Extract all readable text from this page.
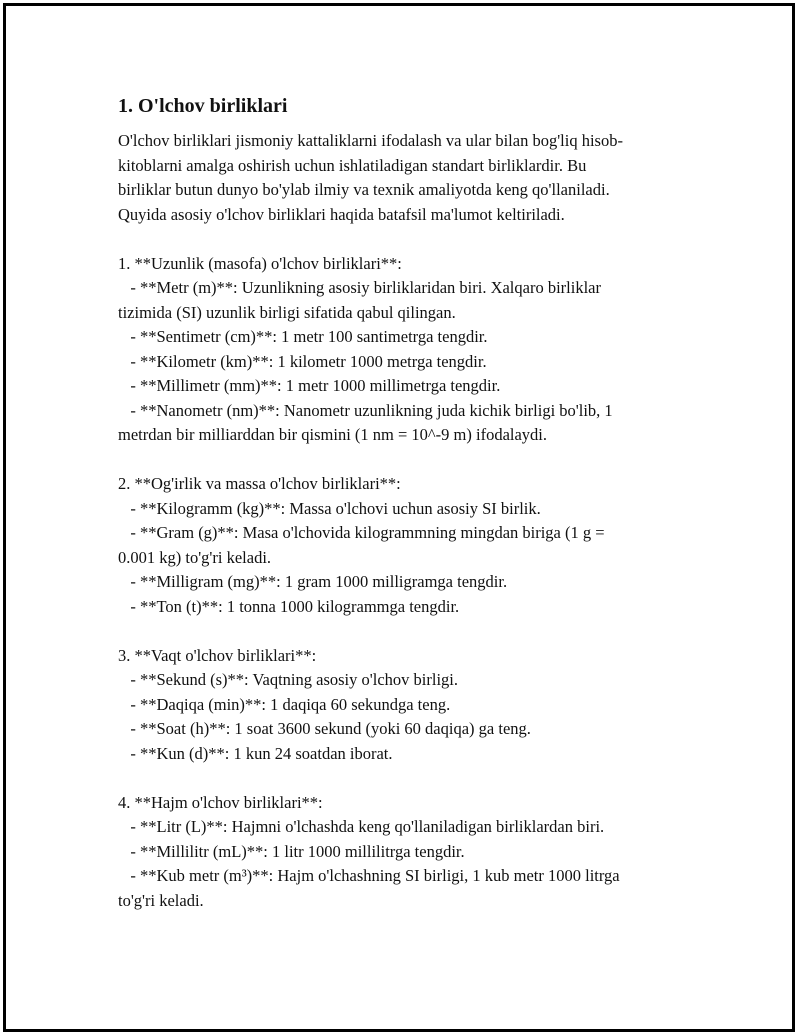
1. O'lchov birliklari

O'lchov birliklari jismoniy kattaliklarni ifodalash va ular bilan bog'liq hisob-
kitoblarni amalga oshirish uchun ishlatiladigan standart birliklardir. Bu
birliklar butun dunyo bo'ylab ilmiy va texnik amaliyotda keng qo'llaniladi.
Quyida asosiy o'lchov birliklari haqida batafsil ma'lumot keltiriladi.

1. **Uzunlik (masofa) o'lchov birliklari**:

- **Metr (m)**: Uzunlikning asosiy birliklaridan biri. Xalqaro birliklar

tizimida (SI) uzunlik birligi sifatida qabul qilingan.

- **Sentimetr (cm)**: 1 metr 100 santimetrga tengdir.

- **Kilometr (km)**: 1 kilometr 1000 metrga tengdir.

- **Millimetr (mm)**: 1 metr 1000 millimetrga tengdir.

- **Nanometr (nm)**: Nanometr uzunlikning juda kichik birligi bo'lib, 1

metrdan bir milliarddan bir qismini (1 nm = 10^-9 m) ifodalaydi.

2. **Og'irlik va massa o'lchov birliklari**:

- **Kilogramm (kg)**: Massa o'lchovi uchun asosiy SI birlik.

- **Gram (g)**: Masa o'lchovida kilogrammning mingdan biriga (1 g =

0.001 kg) to'g'ri keladi.

- **Milligram (mg)**: 1 gram 1000 milligramga tengdir.

- **Ton (t)**: 1 tonna 1000 kilogrammga tengdir.

3. **Vaqt o'lchov birliklari**:

- **Sekund (s)**: Vaqtning asosiy o'lchov birligi.

- **Daqiqa (min)**: 1 daqiqa 60 sekundga teng.

- **Soat (h)**: 1 soat 3600 sekund (yoki 60 daqiqa) ga teng.

- **Kun (d)**: 1 kun 24 soatdan iborat.

4. **Hajm o'lchov birliklari**:

- **Litr (L)**: Hajmni o'lchashda keng qo'llaniladigan birliklardan biri.

- **Millilitr (mL)**: 1 litr 1000 millilitrga tengdir.

- **Kub metr (m³)**: Hajm o'lchashning SI birligi, 1 kub metr 1000 litrga

to'g'ri keladi.
